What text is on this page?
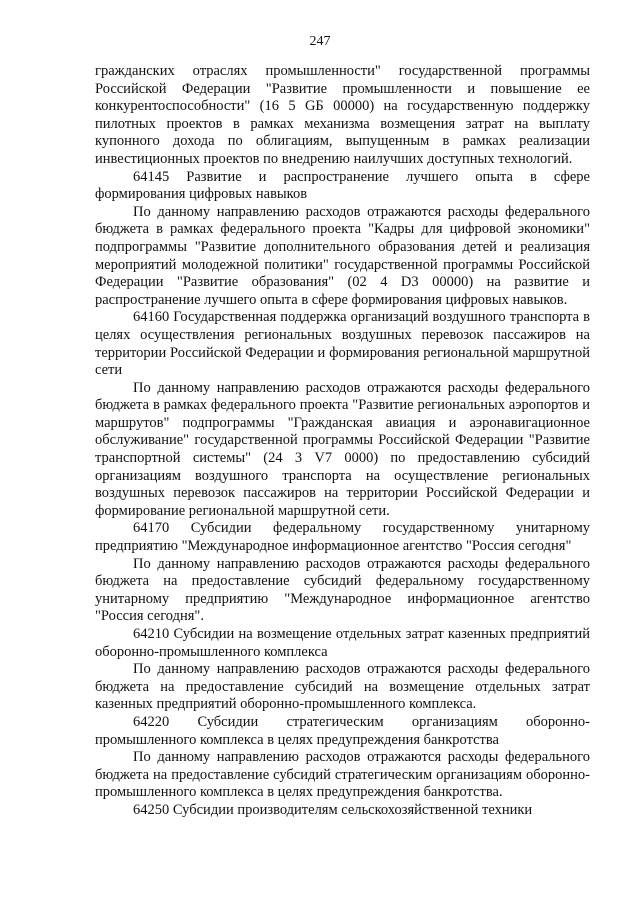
247

гражданских отраслях промышленности" государственной программы Российской Федерации "Развитие промышленности и повышение ее конкурентоспособности" (16 5 GБ 00000) на государственную поддержку пилотных проектов в рамках механизма возмещения затрат на выплату купонного дохода по облигациям, выпущенным в рамках реализации инвестиционных проектов по внедрению наилучших доступных технологий.

64145 Развитие и распространение лучшего опыта в сфере формирования цифровых навыков

По данному направлению расходов отражаются расходы федерального бюджета в рамках федерального проекта "Кадры для цифровой экономики" подпрограммы "Развитие дополнительного образования детей и реализация мероприятий молодежной политики" государственной программы Российской Федерации "Развитие образования" (02 4 D3 00000) на развитие и распространение лучшего опыта в сфере формирования цифровых навыков.

64160 Государственная поддержка организаций воздушного транспорта в целях осуществления региональных воздушных перевозок пассажиров на территории Российской Федерации и формирования региональной маршрутной сети

По данному направлению расходов отражаются расходы федерального бюджета в рамках федерального проекта "Развитие региональных аэропортов и маршрутов" подпрограммы "Гражданская авиация и аэронавигационное обслуживание" государственной программы Российской Федерации "Развитие транспортной системы" (24 3 V7 0000) по предоставлению субсидий организациям воздушного транспорта на осуществление региональных воздушных перевозок пассажиров на территории Российской Федерации и формирование региональной маршрутной сети.

64170 Субсидии федеральному государственному унитарному предприятию "Международное информационное агентство "Россия сегодня"

По данному направлению расходов отражаются расходы федерального бюджета на предоставление субсидий федеральному государственному унитарному предприятию "Международное информационное агентство "Россия сегодня".

64210 Субсидии на возмещение отдельных затрат казенных предприятий оборонно-промышленного комплекса

По данному направлению расходов отражаются расходы федерального бюджета на предоставление субсидий на возмещение отдельных затрат казенных предприятий оборонно-промышленного комплекса.

64220 Субсидии стратегическим организациям оборонно-промышленного комплекса в целях предупреждения банкротства

По данному направлению расходов отражаются расходы федерального бюджета на предоставление субсидий стратегическим организациям оборонно-промышленного комплекса в целях предупреждения банкротства.

64250 Субсидии производителям сельскохозяйственной техники
